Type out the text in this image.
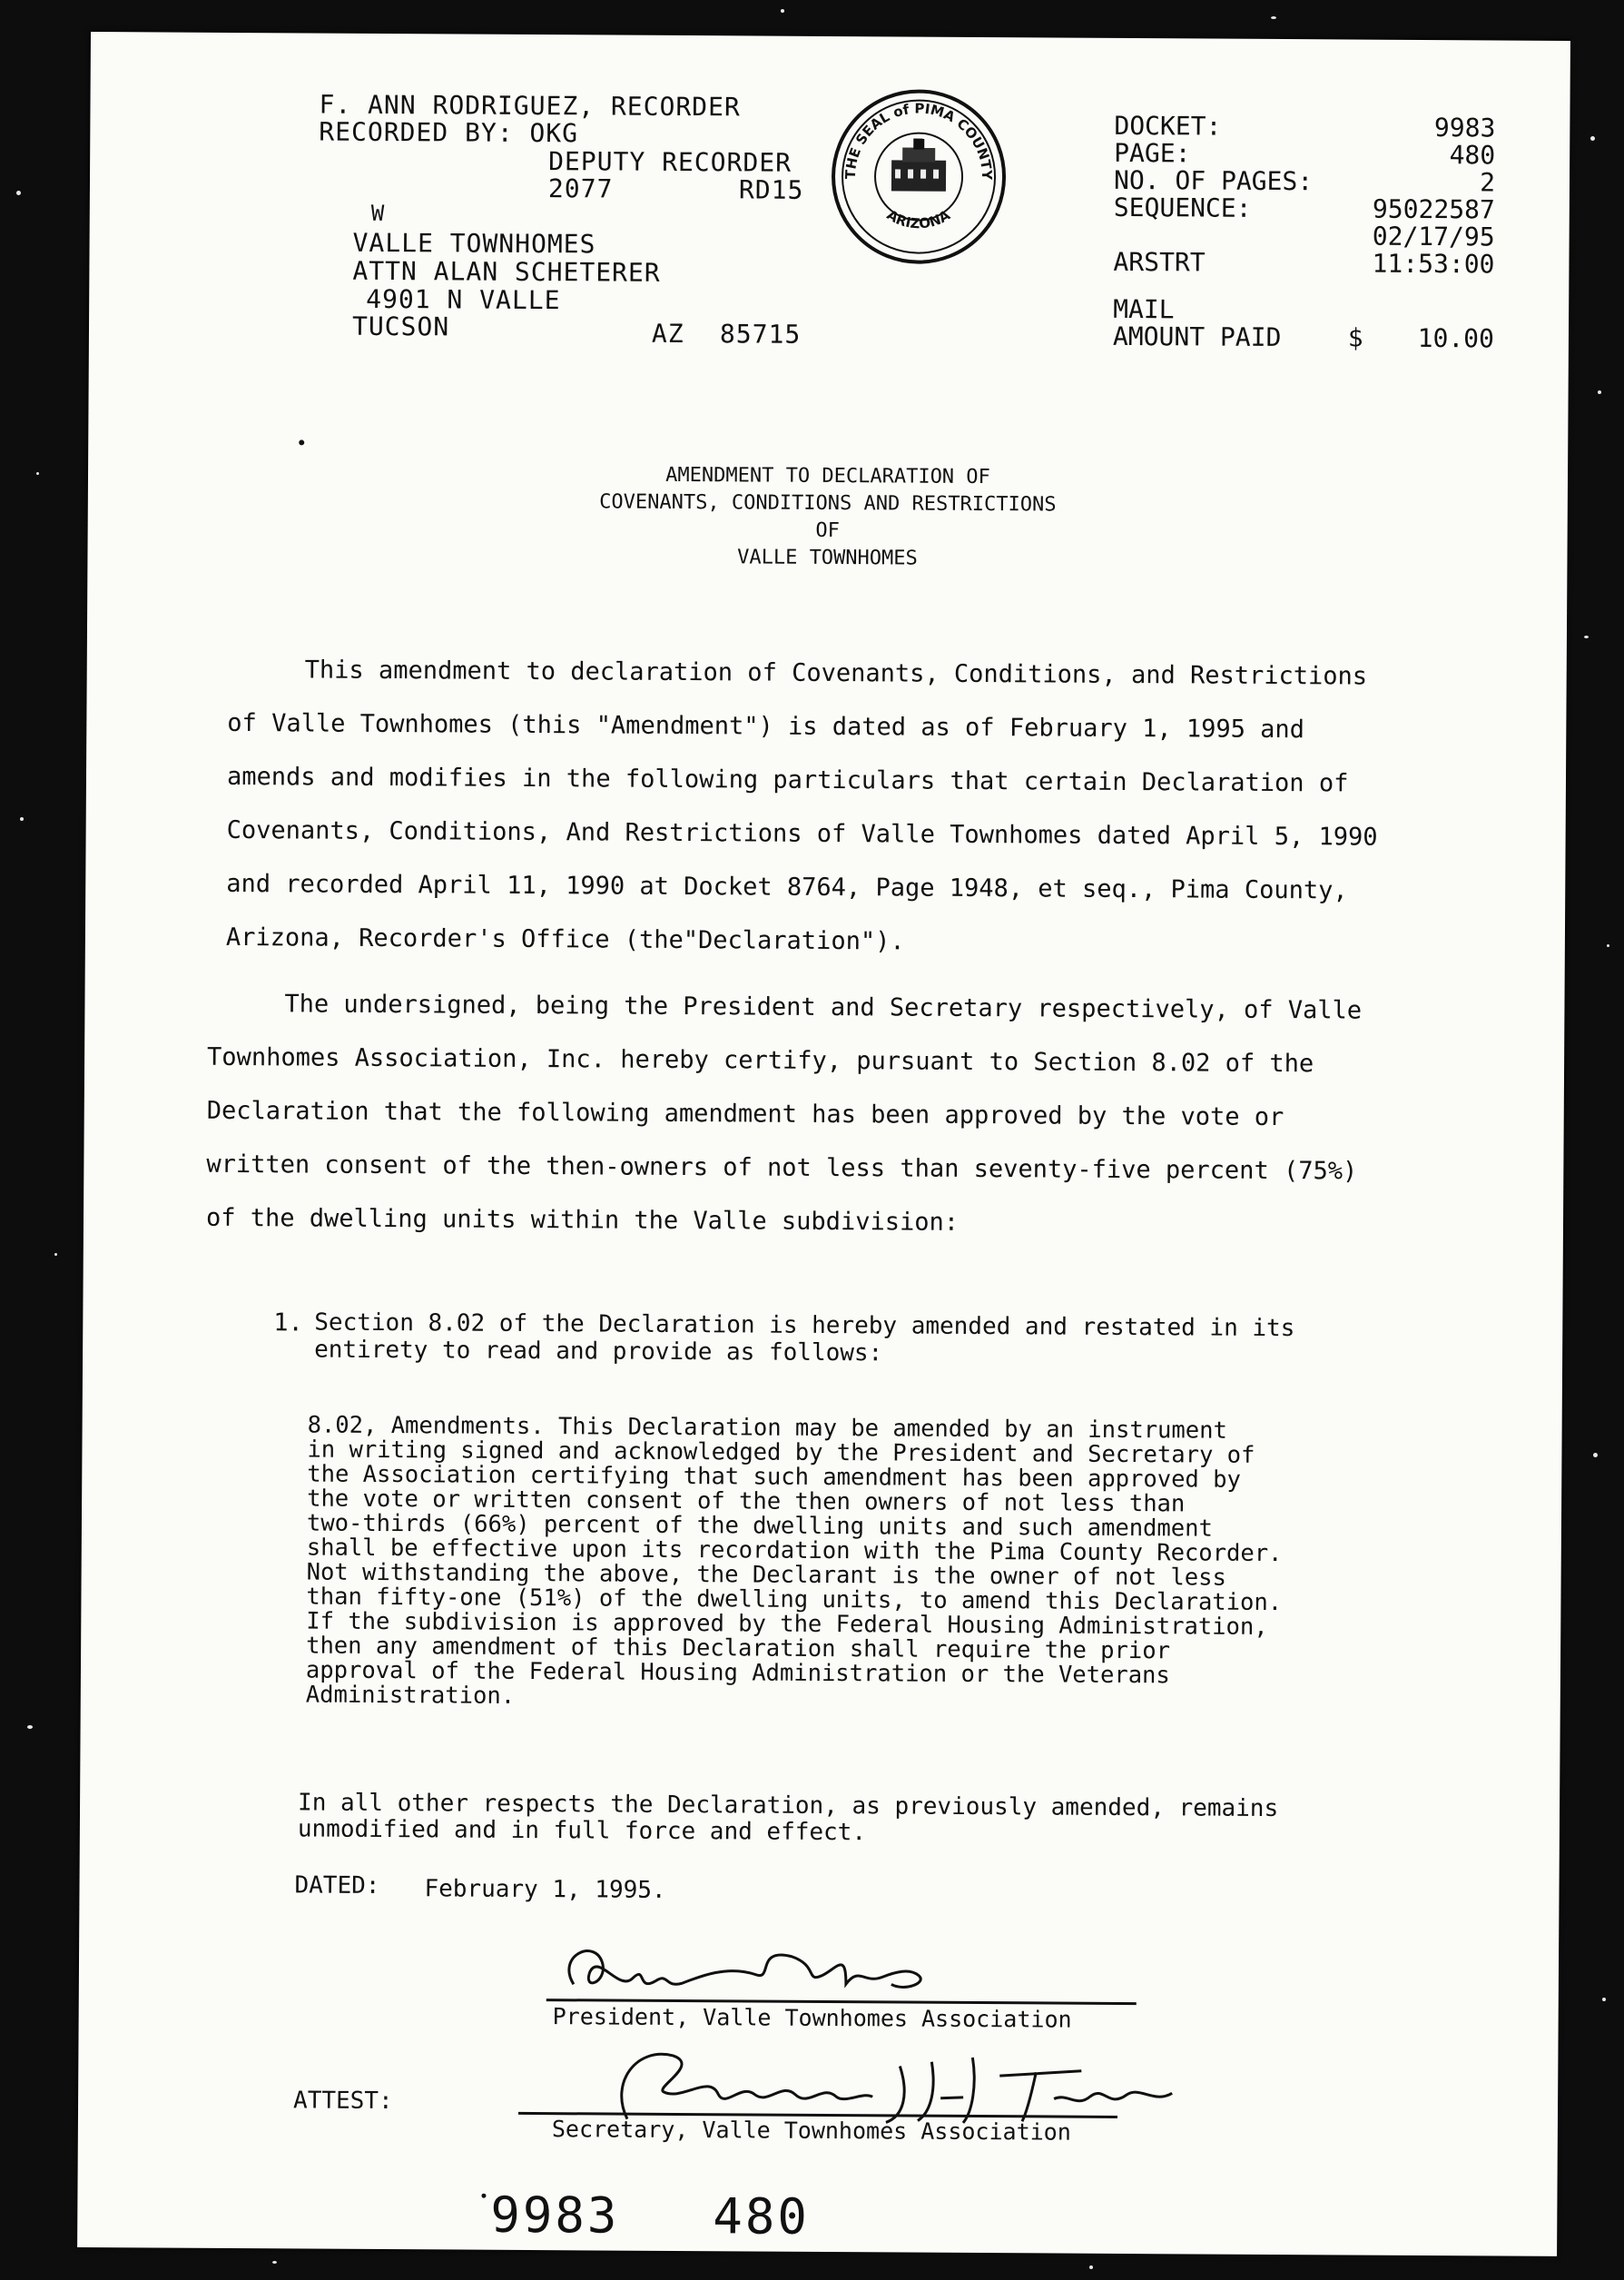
F. ANN RODRIGUEZ, RECORDER
RECORDED BY: OKG
DEPUTY RECORDER
2077	RD15
W
VALLE TOWNHOMES
ATTN ALAN SCHETERER
4901 N VALLE
TUCSON	AZ 85715
THE SEAL of PIMA COUNTY
ARIZONA
DOCKET:	9983
PAGE:	480
NO. OF PAGES:	2
SEQUENCE:	95022587
02/17/95
ARSTRT	11:53:00
MAIL
AMOUNT PAID	$ 10.00
AMENDMENT TO DECLARATION OF
COVENANTS, CONDITIONS AND RESTRICTIONS
OF
VALLE TOWNHOMES
This amendment to declaration of Covenants, Conditions, and Restrictions
of Valle Townhomes (this "Amendment") is dated as of February 1, 1995 and
amends and modifies in the following particulars that certain Declaration of
Covenants, Conditions, And Restrictions of Valle Townhomes dated April 5, 1990
and recorded April 11, 1990 at Docket 8764, Page 1948, et seq., Pima County,
Arizona, Recorder's Office (the"Declaration").
The undersigned, being the President and Secretary respectively, of Valle
Townhomes Association, Inc. hereby certify, pursuant to Section 8.02 of the
Declaration that the following amendment has been approved by the vote or
written consent of the then-owners of not less than seventy-five percent (75%)
of the dwelling units within the Valle subdivision:
1. Section 8.02 of the Declaration is hereby amended and restated in its
entirety to read and provide as follows:
8.02, Amendments. This Declaration may be amended by an instrument
in writing signed and acknowledged by the President and Secretary of
the Association certifying that such amendment has been approved by
the vote or written consent of the then owners of not less than
two-thirds (66%) percent of the dwelling units and such amendment
shall be effective upon its recordation with the Pima County Recorder.
Not withstanding the above, the Declarant is the owner of not less
than fifty-one (51%) of the dwelling units, to amend this Declaration.
If the subdivision is approved by the Federal Housing Administration,
then any amendment of this Declaration shall require the prior
approval of the Federal Housing Administration or the Veterans
Administration.
In all other respects the Declaration, as previously amended, remains
unmodified and in full force and effect.
DATED: February 1, 1995.
President, Valle Townhomes Association
ATTEST:
Secretary, Valle Townhomes Association
9983 480
